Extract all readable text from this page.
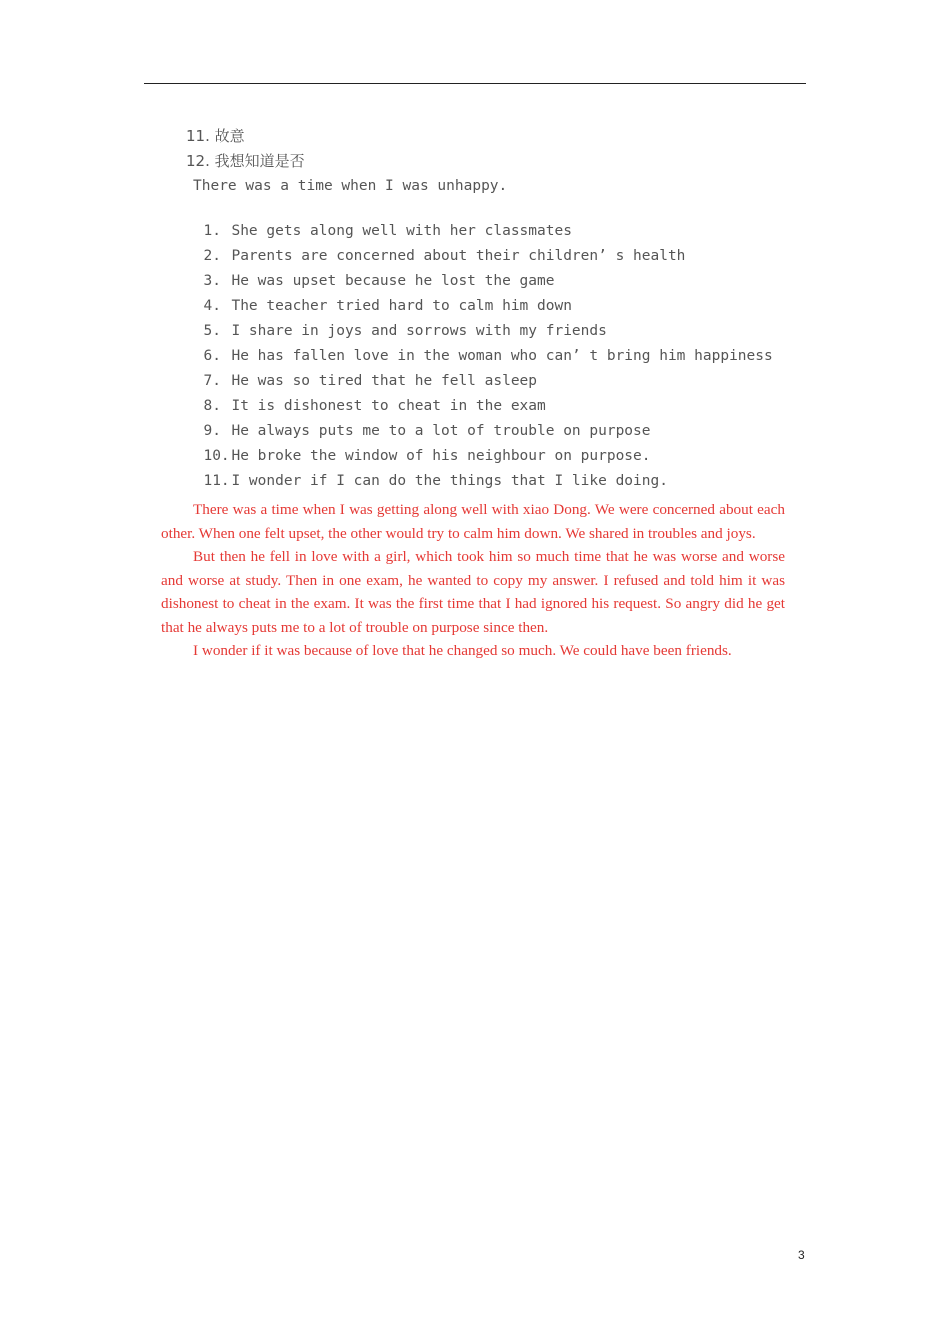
11. 故意
12. 我想知道是否
There was a time when I was unhappy.

1. She gets along well with her classmates

2. Parents are concerned about their children’ s health

3. He was upset because he lost the game

4. The teacher tried hard to calm him down

5. I share in joys and sorrows with my friends

6. He has fallen love in the woman who can’ t bring him happiness

7. He was so tired that he fell asleep

8. It is dishonest to cheat in the exam

9. He always puts me to a lot of trouble on purpose

10. He broke the window of his neighbour on purpose.

11. I wonder if I can do the things that I like doing.

There was a time when I was getting along well with xiao Dong. We were concerned about each other. When one felt upset, the other would try to calm him down. We shared in troubles and joys.

But then he fell in love with a girl, which took him so much time that he was worse and worse and worse at study. Then in one exam, he wanted to copy my answer. I refused and told him it was dishonest to cheat in the exam. It was the first time that I had ignored his request. So angry did he get that he always puts me to a lot of trouble on purpose since then.

I wonder if it was because of love that he changed so much. We could have been friends.

3
